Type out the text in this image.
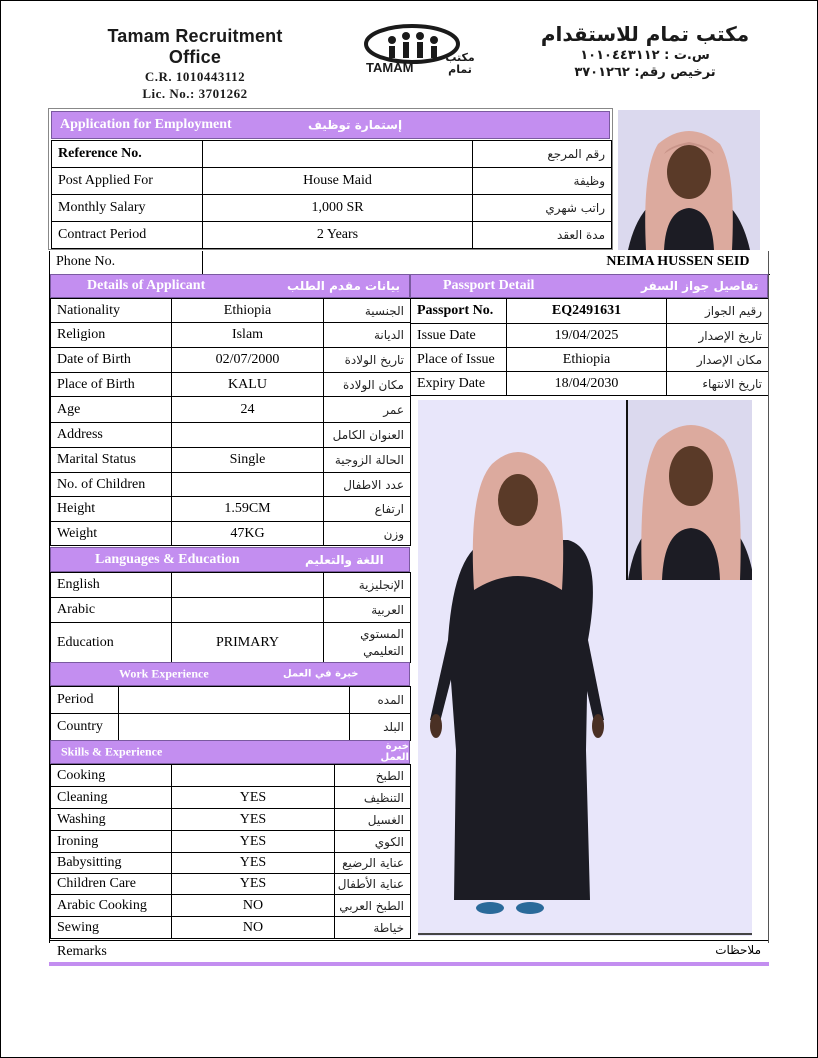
Tamam Recruitment Office
C.R. 1010443112
Lic. No.: 3701262
TAMAM
مكتب تمام
مكتب تمام للاستقدام
س.ت : ١٠١٠٤٤٣١١٢
ترخيص رقم: ٣٧٠١٢٦٢
Application for Employment	إستمارة توظيف
Reference No.		رقم المرجع
Post Applied For	House Maid	وظيفة
Monthly Salary	1,000 SR	راتب شهري
Contract Period	2 Years	مدة العقد
Phone No.	NEIMA HUSSEN SEID
Details of Applicant	بيانات مقدم الطلب
Nationality	Ethiopia	الجنسية
Religion	Islam	الديانة
Date of Birth	02/07/2000	تاريخ الولادة
Place of Birth	KALU	مكان الولادة
Age	24	عمر
Address		العنوان الكامل
Marital Status	Single	الحالة الزوجية
No. of Children		عدد الاطفال
Height	1.59CM	ارتفاع
Weight	47KG	وزن
Languages & Education	اللغة والتعليم
English		الإنجليزية
Arabic		العربية
Education	PRIMARY	المستوي التعليمي
Work Experience	خبرة في العمل
Period		المده
Country		البلد
Skills & Experience	خبرة العمل
Cooking		الطبخ
Cleaning	YES	التنظيف
Washing	YES	الغسيل
Ironing	YES	الكوي
Babysitting	YES	عناية الرضيع
Children Care	YES	عناية الأطفال
Arabic Cooking	NO	الطبخ العربي
Sewing	NO	خياطة
Passport Detail	تفاصيل جواز السفر
Passport No.	EQ2491631	رقيم الجواز
Issue Date	19/04/2025	تاريخ الإصدار
Place of Issue	Ethiopia	مكان الإصدار
Expiry Date	18/04/2030	تاريخ الانتهاء
Remarks	ملاحظات
